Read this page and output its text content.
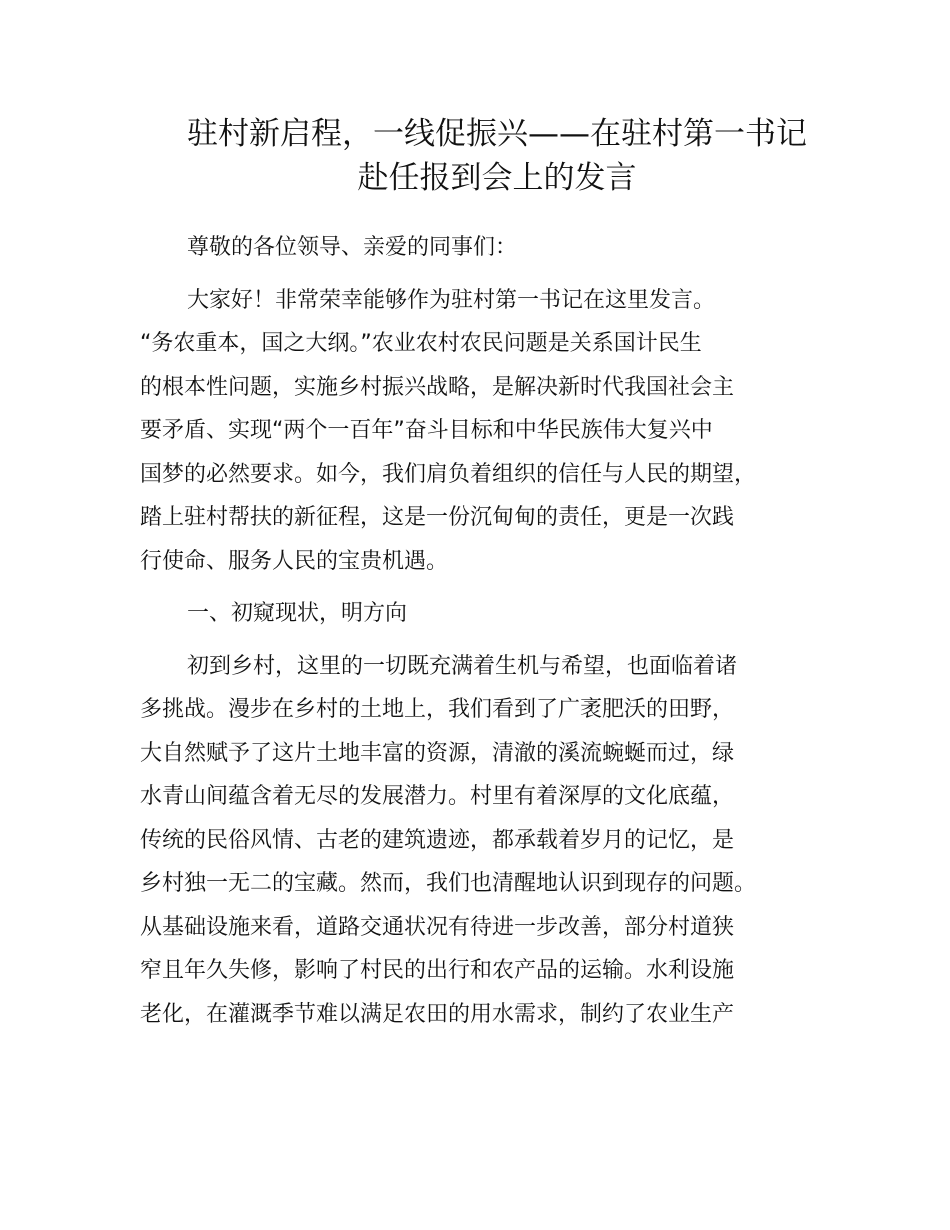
驻村新启程，一线促振兴——在驻村第一书记
赴任报到会上的发言

尊敬的各位领导、亲爱的同事们：

大家好！非常荣幸能够作为驻村第一书记在这里发言。
“务农重本，国之大纲。”农业农村农民问题是关系国计民生
的根本性问题，实施乡村振兴战略，是解决新时代我国社会主
要矛盾、实现“两个一百年”奋斗目标和中华民族伟大复兴中
国梦的必然要求。如今，我们肩负着组织的信任与人民的期望，
踏上驻村帮扶的新征程，这是一份沉甸甸的责任，更是一次践
行使命、服务人民的宝贵机遇。

一、初窥现状，明方向

初到乡村，这里的一切既充满着生机与希望，也面临着诸
多挑战。漫步在乡村的土地上，我们看到了广袤肥沃的田野，
大自然赋予了这片土地丰富的资源，清澈的溪流蜿蜒而过，绿
水青山间蕴含着无尽的发展潜力。村里有着深厚的文化底蕴，
传统的民俗风情、古老的建筑遗迹，都承载着岁月的记忆，是
乡村独一无二的宝藏。然而，我们也清醒地认识到现存的问题。
从基础设施来看，道路交通状况有待进一步改善，部分村道狭
窄且年久失修，影响了村民的出行和农产品的运输。水利设施
老化，在灌溉季节难以满足农田的用水需求，制约了农业生产
